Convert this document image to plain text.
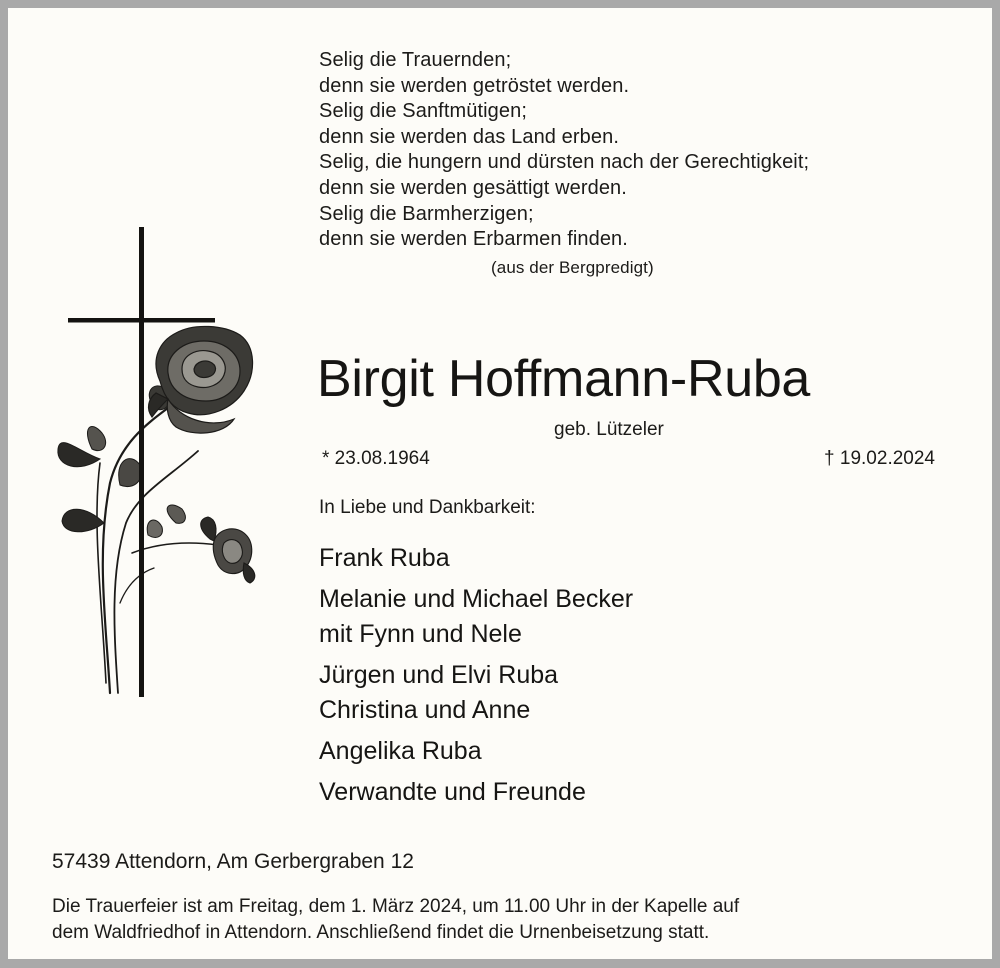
Selig die Trauernden;
denn sie werden getröstet werden.
Selig die Sanftmütigen;
denn sie werden das Land erben.
Selig, die hungern und dürsten nach der Gerechtigkeit;
denn sie werden gesättigt werden.
Selig die Barmherzigen;
denn sie werden Erbarmen finden.
(aus der Bergpredigt)
Birgit Hoffmann-Ruba
geb. Lützeler
* 23.08.1964	† 19.02.2024
In Liebe und Dankbarkeit:
Frank Ruba
Melanie und Michael Becker
mit Fynn und Nele
Jürgen und Elvi Ruba
Christina und Anne
Angelika Ruba
Verwandte und Freunde
57439 Attendorn, Am Gerbergraben 12
Die Trauerfeier ist am Freitag, dem 1. März 2024, um 11.00 Uhr in der Kapelle auf
dem Waldfriedhof in Attendorn. Anschließend findet die Urnenbeisetzung statt.
